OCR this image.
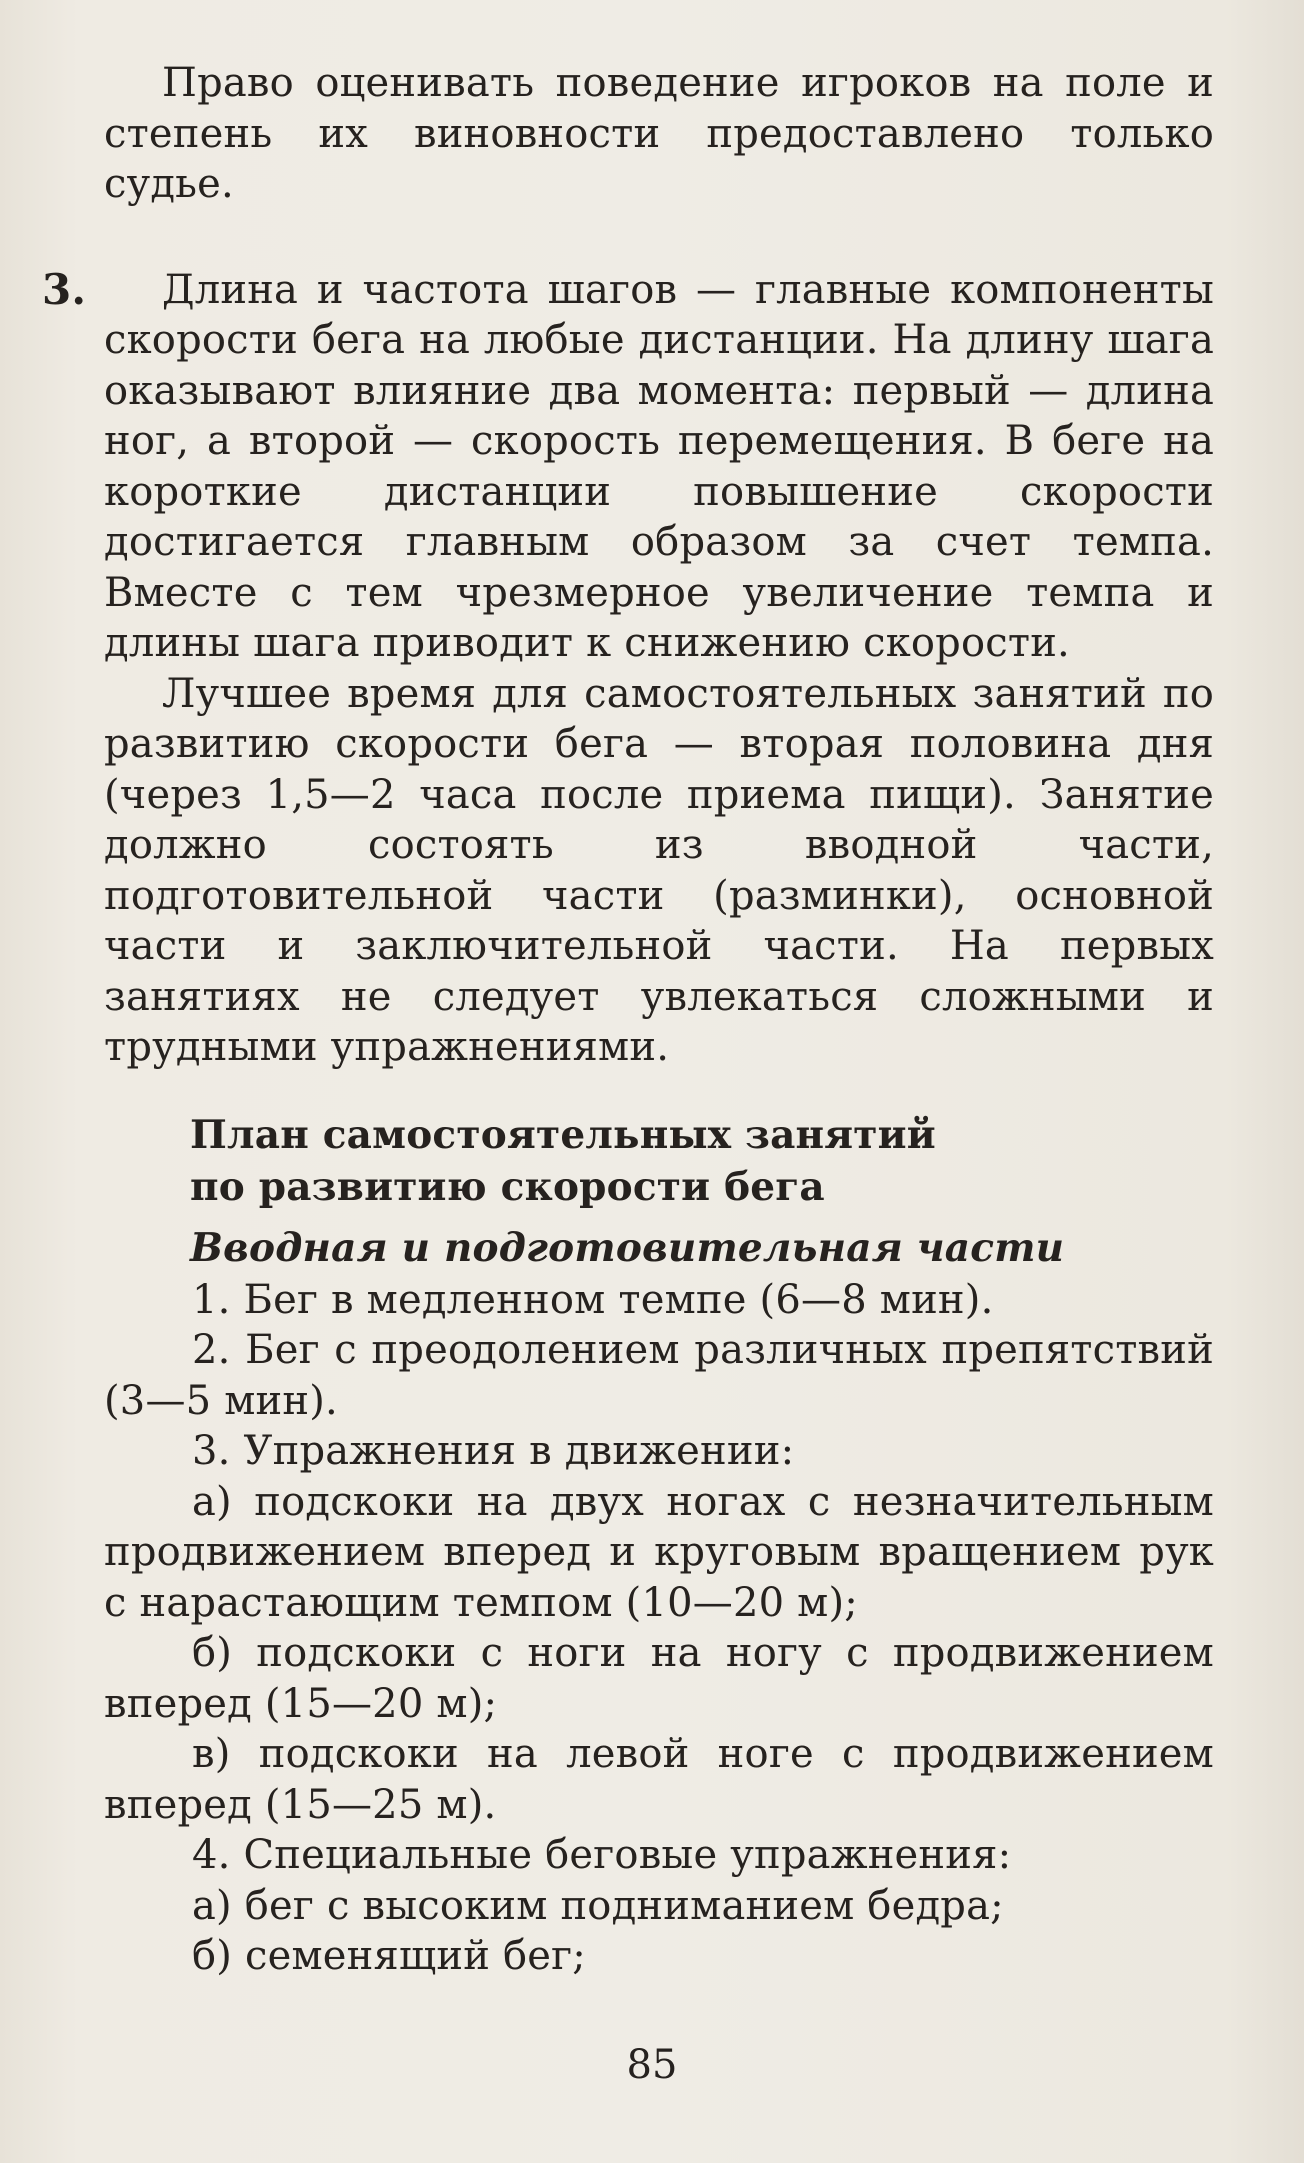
Право оценивать поведение игроков на поле и степень их виновности предоставлено только судье.

3.	Длина и частота шагов — главные компоненты скорости бега на любые дистанции. На длину шага оказывают влияние два момента: первый — длина ног, а второй — скорость перемещения. В беге на короткие дистанции повышение скорости достигается главным образом за счет темпа. Вместе с тем чрезмерное увеличение темпа и длины шага приводит к снижению скорости.

Лучшее время для самостоятельных занятий по развитию скорости бега — вторая половина дня (через 1,5—2 часа после приема пищи). Занятие должно состоять из вводной части, подготовительной части (разминки), основной части и заключительной части. На первых занятиях не следует увлекаться сложными и трудными упражнениями.

План самостоятельных занятий
по развитию скорости бега
Вводная и подготовительная части

1. Бег в медленном темпе (6—8 мин).

2. Бег с преодолением различных препятствий (3—5 мин).

3. Упражнения в движении:

а) подскоки на двух ногах с незначительным продвижением вперед и круговым вращением рук с нарастающим темпом (10—20 м);

б) подскоки с ноги на ногу с продвижением вперед (15—20 м);

в) подскоки на левой ноге с продвижением вперед (15—25 м).

4. Специальные беговые упражнения:

а) бег с высоким подниманием бедра;

б) семенящий бег;

85
